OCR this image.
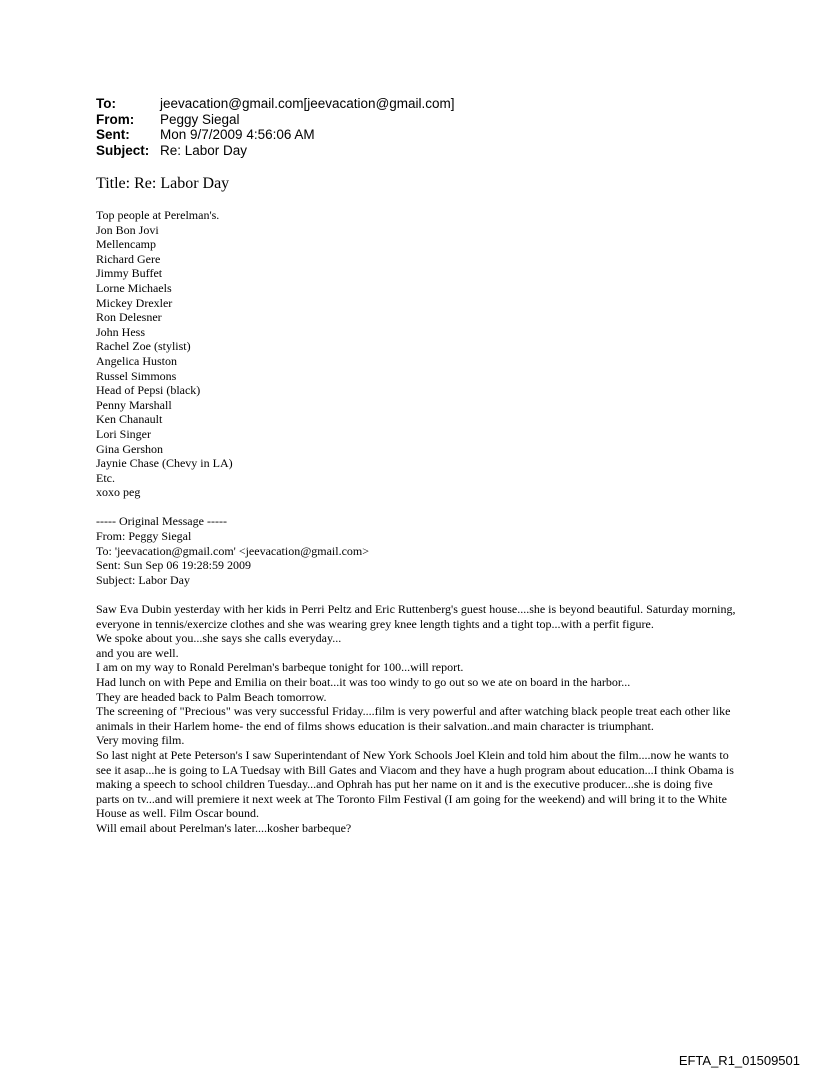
To:	jeevacation@gmail.com[jeevacation@gmail.com]
From:	Peggy Siegal
Sent:	Mon 9/7/2009 4:56:06 AM
Subject: Re: Labor Day
Title: Re: Labor Day
Top people at Perelman's.
Jon Bon Jovi
Mellencamp
Richard Gere
Jimmy Buffet
Lorne Michaels
Mickey Drexler
Ron Delesner
John Hess
Rachel Zoe (stylist)
Angelica Huston
Russel Simmons
Head of Pepsi (black)
Penny Marshall
Ken Chanault
Lori Singer
Gina Gershon
Jaynie Chase (Chevy in LA)
Etc.
xoxo peg
----- Original Message -----
From: Peggy Siegal
To: 'jeevacation@gmail.com' <jeevacation@gmail.com>
Sent: Sun Sep 06 19:28:59 2009
Subject: Labor Day

Saw Eva Dubin yesterday with her kids in Perri Peltz and Eric Ruttenberg's guest house....she is beyond beautiful. Saturday morning, everyone in tennis/exercize clothes and she was wearing grey knee length tights and a tight top...with a perfit figure.

We spoke about you...she says she calls everyday...
and you are well.

I am on my way to Ronald Perelman's barbeque tonight for 100...will report.

Had lunch on with Pepe and Emilia on their boat...it was too windy to go out so we ate on board in the harbor...

They are headed back to Palm Beach tomorrow.

The screening of "Precious" was very successful Friday....film is very powerful and after watching black people treat each other like animals in their Harlem home- the end of films shows education is their salvation..and main character is triumphant.
Very moving film.

So last night at Pete Peterson's I saw Superintendant of New York Schools Joel Klein and told him about the film....now he wants to see it asap...he is going to LA Tuedsay with Bill Gates and Viacom and they have a hugh program about education...I think Obama is making a speech to school children Tuesday...and Ophrah has put her name on it and is the executive producer...she is doing five parts on tv...and will premiere it next week at The Toronto Film Festival (I am going for the weekend) and will bring it to the White House as well. Film Oscar bound.

Will email about Perelman's later....kosher barbeque?

EFTA_R1_01509501
